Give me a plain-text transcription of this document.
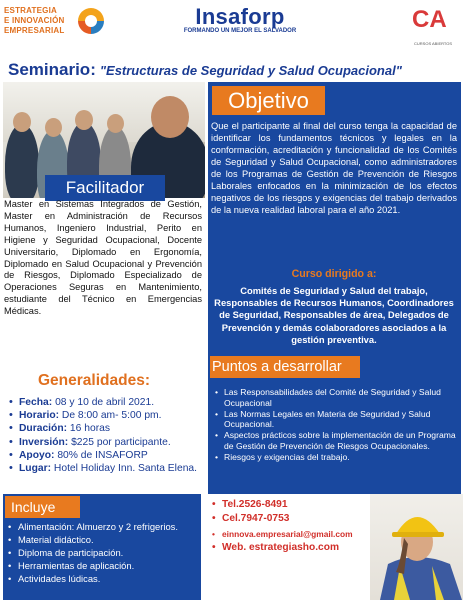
ESTRATEGIA
E INNOVACIÓN
EMPRESARIAL
Insaforp
FORMANDO UN MEJOR EL SALVADOR	CA
CURSOS ABIERTOS
Seminario: "Estructuras de Seguridad y Salud Ocupacional"
Facilitador
Master en Sistemas Integrados de Gestión, Master en Administración de Recursos Humanos, Ingeniero Industrial, Perito en Higiene y Seguridad Ocupacional, Docente Universitario, Diplomado en Ergonomía, Diplomado en Salud Ocupacional y Prevención de Riesgos, Diplomado Especializado de Operaciones Seguras en Mantenimiento, estudiante del Técnico en Emergencias Médicas.
Objetivo
Que el participante al final del curso tenga la capacidad de identificar los fundamentos técnicos y legales en la conformación, acreditación y funcionalidad de los Comités de Seguridad y Salud Ocupacional, como administradores de los Programas de Gestión de Prevención de Riesgos Laborales enfocados en la minimización de los efectos negativos de los riesgos y exigencias del trabajo derivados de la nueva realidad laboral para el año 2021.
Curso dirigido a:
Comités de Seguridad y Salud del trabajo, Responsables de Recursos Humanos, Coordinadores de Seguridad, Responsables de área, Delegados de Prevención y demás colaboradores asociados a la gestión preventiva.
Generalidades:
• Fecha: 08 y 10 de abril 2021.
• Horario: De 8:00 am- 5:00 pm.
• Duración: 16 horas
• Inversión: $225 por participante.
• Apoyo: 80% de INSAFORP
• Lugar: Hotel Holiday Inn. Santa Elena.
Puntos a desarrollar
• Las Responsabilidades del Comité de Seguridad y Salud Ocupacional
• Las Normas Legales en Materia de Seguridad y Salud Ocupacional.
• Aspectos prácticos sobre la implementación de un Programa de Gestión de Prevención de Riesgos Ocupacionales.
• Riesgos y exigencias del trabajo.
Incluye
• Alimentación: Almuerzo y 2 refrigerios.
• Material didáctico.
• Diploma de participación.
• Herramientas de aplicación.
• Actividades lúdicas.
• Tel.2526-8491
• Cel.7947-0753
• einnova.empresarial@gmail.com
• Web. estrategiasho.com
